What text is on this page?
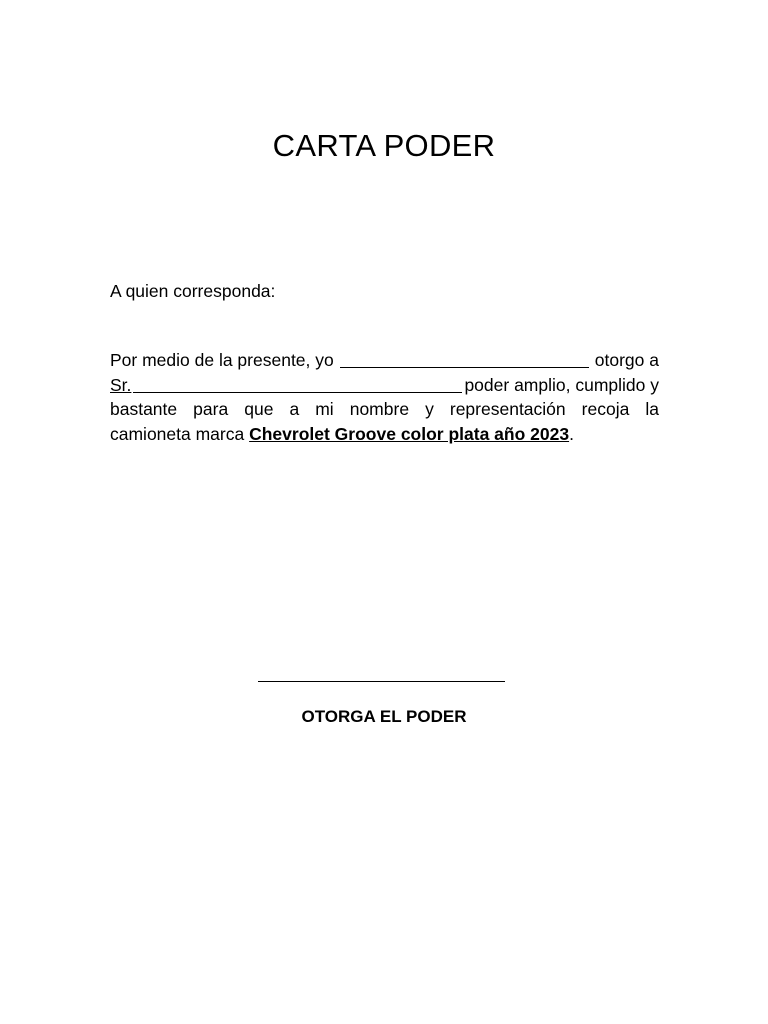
CARTA PODER
A quien corresponda:
Por medio de la presente, yo	otorgo a
Sr.	poder amplio, cumplido y
bastante para que a mi nombre y representación recoja la
camioneta marca Chevrolet Groove color plata año 2023.
OTORGA EL PODER
